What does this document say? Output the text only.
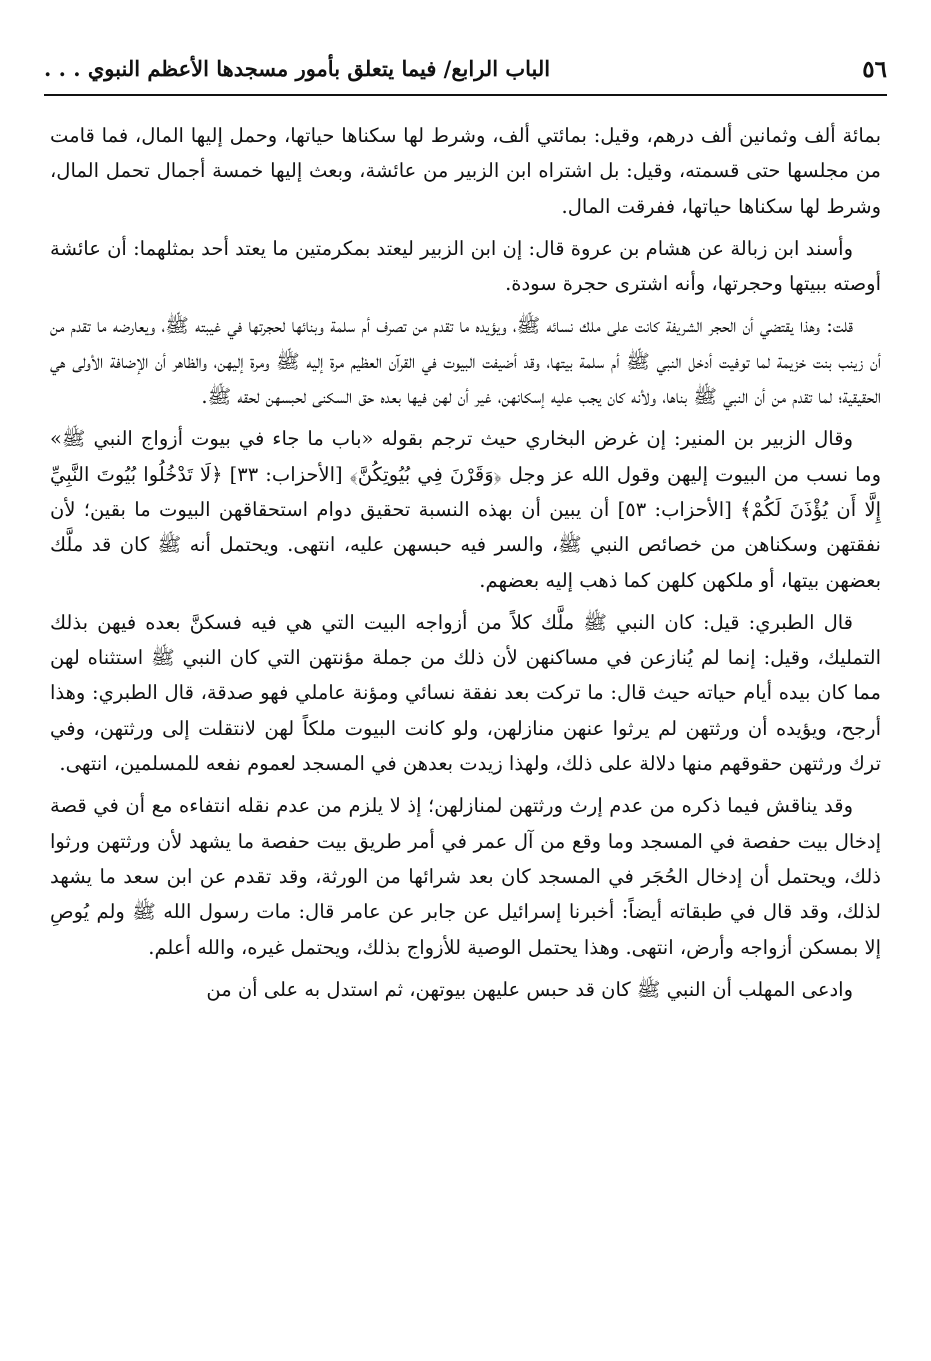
٥٦
الباب الرابع/ فيما يتعلق بأمور مسجدها الأعظم النبوي . . .

بمائة ألف وثمانين ألف درهم، وقيل: بمائتي ألف، وشرط لها سكناها حياتها، وحمل إليها المال، فما قامت من مجلسها حتى قسمته، وقيل: بل اشتراه ابن الزبير من عائشة، وبعث إليها خمسة أجمال تحمل المال، وشرط لها سكناها حياتها، ففرقت المال.

وأسند ابن زبالة عن هشام بن عروة قال: إن ابن الزبير ليعتد بمكرمتين ما يعتد أحد بمثلهما: أن عائشة أوصته ببيتها وحجرتها، وأنه اشترى حجرة سودة.

قلت: وهذا يقتضي أن الحجر الشريفة كانت على ملك نسائه ﷺ، ويؤيده ما تقدم من تصرف أم سلمة وبنائها لحجرتها في غيبته ﷺ، ويعارضه ما تقدم من أن زينب بنت خزيمة لما توفيت أدخل النبي ﷺ أم سلمة بيتها، وقد أضيفت البيوت في القرآن العظيم مرة إليه ﷺ ومرة إليهن، والظاهر أن الإضافة الأولى هي الحقيقية؛ لما تقدم من أن النبي ﷺ بناها، ولأنه كان يجب عليه إسكانهن، غير أن لهن فيها بعده حق السكنى لحبسهن لحقه ﷺ.

وقال الزبير بن المنير: إن غرض البخاري حيث ترجم بقوله «باب ما جاء في بيوت أزواج النبي ﷺ» وما نسب من البيوت إليهن وقول الله عز وجل ﴿وَقَرْنَ فِي بُيُوتِكُنَّ﴾ [الأحزاب: ٣٣] ﴿لَا تَدْخُلُوا بُيُوتَ النَّبِيِّ إِلَّا أَن يُؤْذَنَ لَكُمْ﴾ [الأحزاب: ٥٣] أن يبين أن بهذه النسبة تحقيق دوام استحقاقهن البيوت ما بقين؛ لأن نفقتهن وسكناهن من خصائص النبي ﷺ، والسر فيه حبسهن عليه، انتهى. ويحتمل أنه ﷺ كان قد ملَّك بعضهن بيتها، أو ملكهن كلهن كما ذهب إليه بعضهم.

قال الطبري: قيل: كان النبي ﷺ ملَّك كلاً من أزواجه البيت التي هي فيه فسكنَّ بعده فيهن بذلك التمليك، وقيل: إنما لم يُنازعن في مساكنهن لأن ذلك من جملة مؤنتهن التي كان النبي ﷺ استثناه لهن مما كان بيده أيام حياته حيث قال: ما تركت بعد نفقة نسائي ومؤنة عاملي فهو صدقة، قال الطبري: وهذا أرجح، ويؤيده أن ورثتهن لم يرثوا عنهن منازلهن، ولو كانت البيوت ملكاً لهن لانتقلت إلى ورثتهن، وفي ترك ورثتهن حقوقهم منها دلالة على ذلك، ولهذا زيدت بعدهن في المسجد لعموم نفعه للمسلمين، انتهى.

وقد يناقش فيما ذكره من عدم إرث ورثتهن لمنازلهن؛ إذ لا يلزم من عدم نقله انتفاءه مع أن في قصة إدخال بيت حفصة في المسجد وما وقع من آل عمر في أمر طريق بيت حفصة ما يشهد لأن ورثتهن ورثوا ذلك، ويحتمل أن إدخال الحُجَر في المسجد كان بعد شرائها من الورثة، وقد تقدم عن ابن سعد ما يشهد لذلك، وقد قال في طبقاته أيضاً: أخبرنا إسرائيل عن جابر عن عامر قال: مات رسول الله ﷺ ولم يُوصِ إلا بمسكن أزواجه وأرض، انتهى. وهذا يحتمل الوصية للأزواج بذلك، ويحتمل غيره، والله أعلم.

وادعى المهلب أن النبي ﷺ كان قد حبس عليهن بيوتهن، ثم استدل به على أن من
